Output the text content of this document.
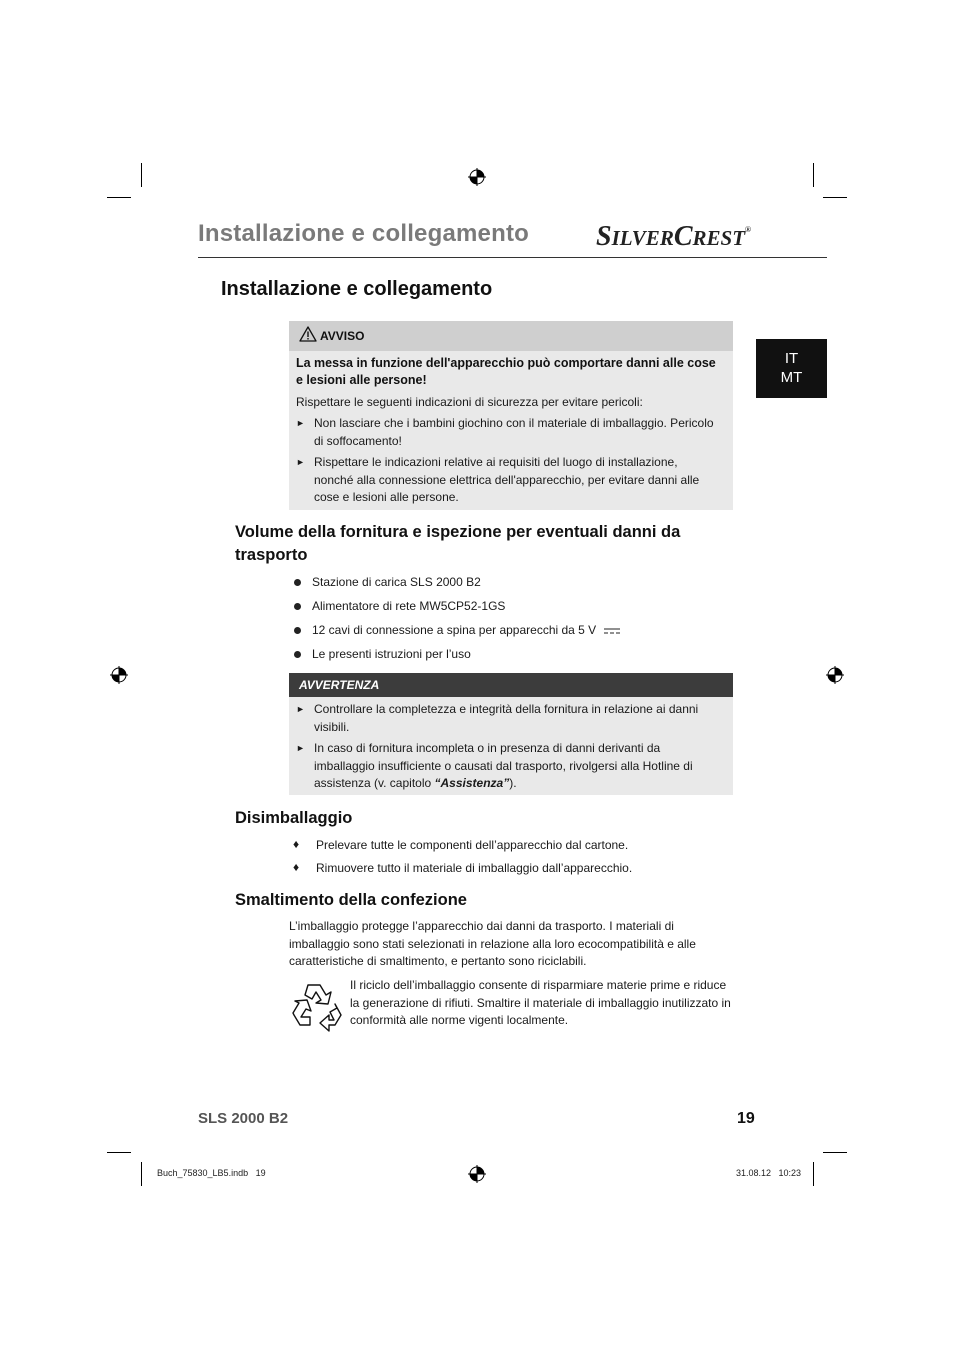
Installazione e collegamento SILVERCREST®
IT
MT
Installazione e collegamento
AVVISO
La messa in funzione dell'apparecchio può comportare danni alle cose e lesioni alle persone!
Rispettare le seguenti indicazioni di sicurezza per evitare pericoli:
► Non lasciare che i bambini giochino con il materiale di imballaggio. Pericolo di soffocamento!
► Rispettare le indicazioni relative ai requisiti del luogo di installazione, nonché alla connessione elettrica dell'apparecchio, per evitare danni alle cose e lesioni alle persone.
Volume della fornitura e ispezione per eventuali danni da trasporto
Stazione di carica SLS 2000 B2
Alimentatore di rete MW5CP52-1GS
12 cavi di connessione a spina per apparecchi da 5 V
Le presenti istruzioni per l’uso
AVVERTENZA
► Controllare la completezza e integrità della fornitura in relazione ai danni visibili.
► In caso di fornitura incompleta o in presenza di danni derivanti da imballaggio insufficiente o causati dal trasporto, rivolgersi alla Hotline di assistenza (v. capitolo “Assistenza”).
Disimballaggio
♦ Prelevare tutte le componenti dell’apparecchio dal cartone.
♦ Rimuovere tutto il materiale di imballaggio dall’apparecchio.
Smaltimento della confezione
L’imballaggio protegge l’apparecchio dai danni da trasporto. I materiali di imballaggio sono stati selezionati in relazione alla loro ecocompatibilità e alle caratteristiche di smaltimento, e pertanto sono riciclabili.
Il riciclo dell’imballaggio consente di risparmiare materie prime e riduce la generazione di rifiuti. Smaltire il materiale di imballaggio inutilizzato in conformità alle norme vigenti localmente.
SLS 2000 B2	19
Buch_75830_LB5.indb   19	31.08.12   10:23
